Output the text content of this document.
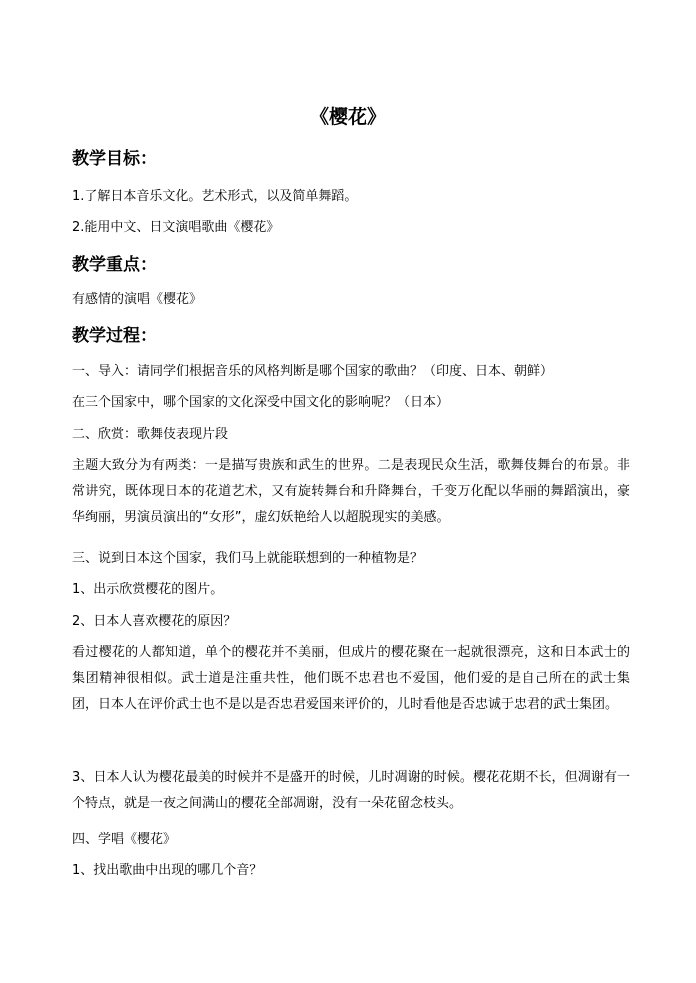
《樱花》
教学目标：
1.了解日本音乐文化。艺术形式，以及简单舞蹈。
2.能用中文、日文演唱歌曲《樱花》
教学重点：
有感情的演唱《樱花》
教学过程：
一、导入：请同学们根据音乐的风格判断是哪个国家的歌曲？（印度、日本、朝鲜）
在三个国家中，哪个国家的文化深受中国文化的影响呢？（日本）
二、欣赏：歌舞伎表现片段
主题大致分为有两类：一是描写贵族和武生的世界。二是表现民众生活，歌舞伎舞台的布景。非常讲究，既体现日本的花道艺术，又有旋转舞台和升降舞台，千变万化配以华丽的舞蹈演出，豪华绚丽，男演员演出的“女形”，虚幻妖艳给人以超脱现实的美感。
三、说到日本这个国家，我们马上就能联想到的一种植物是？
1、出示欣赏樱花的图片。
2、日本人喜欢樱花的原因？
看过樱花的人都知道，单个的樱花并不美丽，但成片的樱花聚在一起就很漂亮，这和日本武士的集团精神很相似。武士道是注重共性，他们既不忠君也不爱国，他们爱的是自己所在的武士集团，日本人在评价武士也不是以是否忠君爱国来评价的，儿时看他是否忠诚于忠君的武士集团。
3、日本人认为樱花最美的时候并不是盛开的时候，儿时凋谢的时候。樱花花期不长，但凋谢有一个特点，就是一夜之间满山的樱花全部凋谢，没有一朵花留念枝头。
四、学唱《樱花》
1、找出歌曲中出现的哪几个音？
